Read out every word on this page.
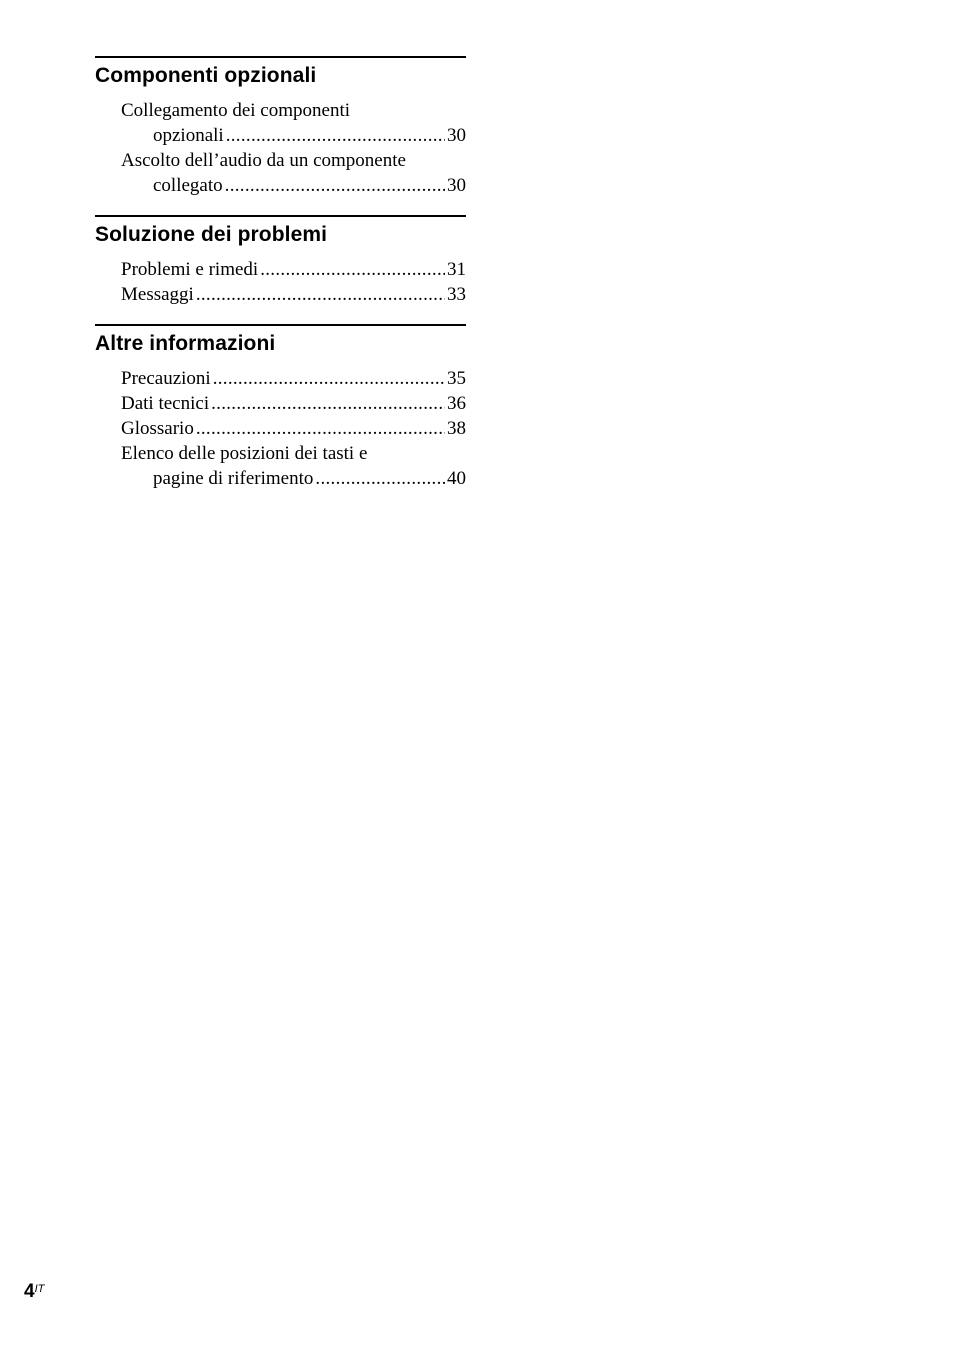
Componenti opzionali
Collegamento dei componenti
opzionali .....	30
Ascolto dell’audio da un componente
collegato .....	30
Soluzione dei problemi
Problemi e rimedi .....	31
Messaggi .....	33
Altre informazioni
Precauzioni .....	35
Dati tecnici .....	36
Glossario .....	38
Elenco delle posizioni dei tasti e
pagine di riferimento .....	40
$4^{IT}$
